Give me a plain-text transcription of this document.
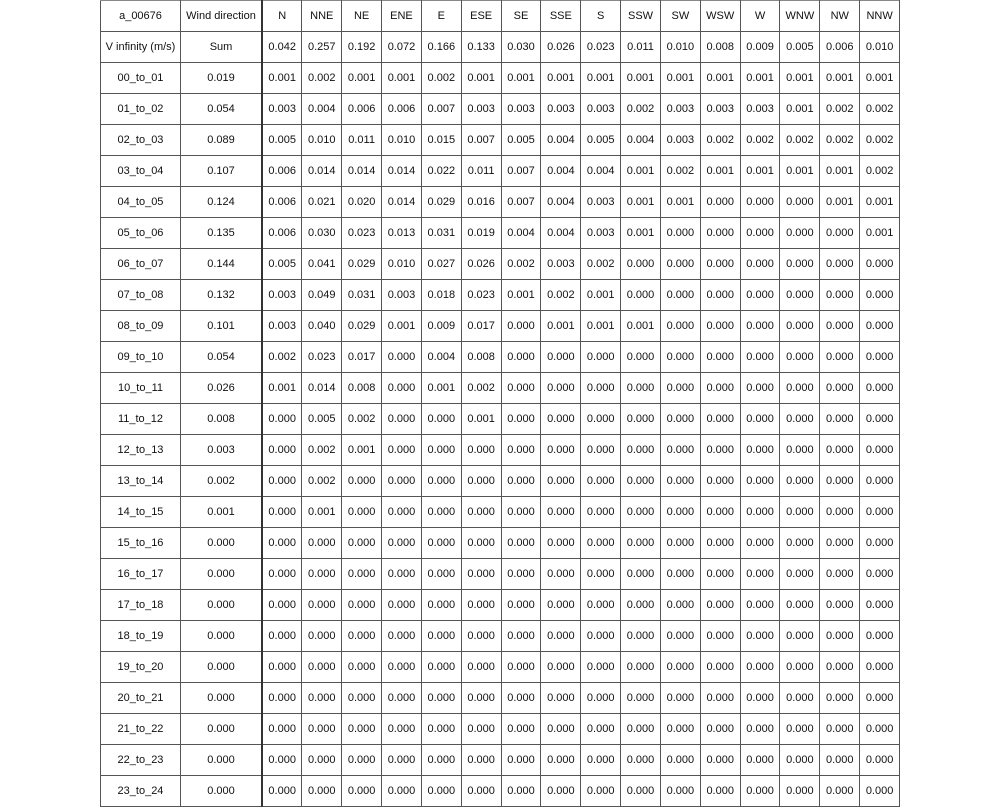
a_00676	Wind direction	N	NNE	NE	ENE	E	ESE	SE	SSE	S	SSW	SW	WSW	W	WNW	NW	NNW
V infinity (m/s)	Sum	0.042	0.257	0.192	0.072	0.166	0.133	0.030	0.026	0.023	0.011	0.010	0.008	0.009	0.005	0.006	0.010
00_to_01	0.019	0.001	0.002	0.001	0.001	0.002	0.001	0.001	0.001	0.001	0.001	0.001	0.001	0.001	0.001	0.001	0.001
01_to_02	0.054	0.003	0.004	0.006	0.006	0.007	0.003	0.003	0.003	0.003	0.002	0.003	0.003	0.003	0.001	0.002	0.002
02_to_03	0.089	0.005	0.010	0.011	0.010	0.015	0.007	0.005	0.004	0.005	0.004	0.003	0.002	0.002	0.002	0.002	0.002
03_to_04	0.107	0.006	0.014	0.014	0.014	0.022	0.011	0.007	0.004	0.004	0.001	0.002	0.001	0.001	0.001	0.001	0.002
04_to_05	0.124	0.006	0.021	0.020	0.014	0.029	0.016	0.007	0.004	0.003	0.001	0.001	0.000	0.000	0.000	0.001	0.001
05_to_06	0.135	0.006	0.030	0.023	0.013	0.031	0.019	0.004	0.004	0.003	0.001	0.000	0.000	0.000	0.000	0.000	0.001
06_to_07	0.144	0.005	0.041	0.029	0.010	0.027	0.026	0.002	0.003	0.002	0.000	0.000	0.000	0.000	0.000	0.000	0.000
07_to_08	0.132	0.003	0.049	0.031	0.003	0.018	0.023	0.001	0.002	0.001	0.000	0.000	0.000	0.000	0.000	0.000	0.000
08_to_09	0.101	0.003	0.040	0.029	0.001	0.009	0.017	0.000	0.001	0.001	0.001	0.000	0.000	0.000	0.000	0.000	0.000
09_to_10	0.054	0.002	0.023	0.017	0.000	0.004	0.008	0.000	0.000	0.000	0.000	0.000	0.000	0.000	0.000	0.000	0.000
10_to_11	0.026	0.001	0.014	0.008	0.000	0.001	0.002	0.000	0.000	0.000	0.000	0.000	0.000	0.000	0.000	0.000	0.000
11_to_12	0.008	0.000	0.005	0.002	0.000	0.000	0.001	0.000	0.000	0.000	0.000	0.000	0.000	0.000	0.000	0.000	0.000
12_to_13	0.003	0.000	0.002	0.001	0.000	0.000	0.000	0.000	0.000	0.000	0.000	0.000	0.000	0.000	0.000	0.000	0.000
13_to_14	0.002	0.000	0.002	0.000	0.000	0.000	0.000	0.000	0.000	0.000	0.000	0.000	0.000	0.000	0.000	0.000	0.000
14_to_15	0.001	0.000	0.001	0.000	0.000	0.000	0.000	0.000	0.000	0.000	0.000	0.000	0.000	0.000	0.000	0.000	0.000
15_to_16	0.000	0.000	0.000	0.000	0.000	0.000	0.000	0.000	0.000	0.000	0.000	0.000	0.000	0.000	0.000	0.000	0.000
16_to_17	0.000	0.000	0.000	0.000	0.000	0.000	0.000	0.000	0.000	0.000	0.000	0.000	0.000	0.000	0.000	0.000	0.000
17_to_18	0.000	0.000	0.000	0.000	0.000	0.000	0.000	0.000	0.000	0.000	0.000	0.000	0.000	0.000	0.000	0.000	0.000
18_to_19	0.000	0.000	0.000	0.000	0.000	0.000	0.000	0.000	0.000	0.000	0.000	0.000	0.000	0.000	0.000	0.000	0.000
19_to_20	0.000	0.000	0.000	0.000	0.000	0.000	0.000	0.000	0.000	0.000	0.000	0.000	0.000	0.000	0.000	0.000	0.000
20_to_21	0.000	0.000	0.000	0.000	0.000	0.000	0.000	0.000	0.000	0.000	0.000	0.000	0.000	0.000	0.000	0.000	0.000
21_to_22	0.000	0.000	0.000	0.000	0.000	0.000	0.000	0.000	0.000	0.000	0.000	0.000	0.000	0.000	0.000	0.000	0.000
22_to_23	0.000	0.000	0.000	0.000	0.000	0.000	0.000	0.000	0.000	0.000	0.000	0.000	0.000	0.000	0.000	0.000	0.000
23_to_24	0.000	0.000	0.000	0.000	0.000	0.000	0.000	0.000	0.000	0.000	0.000	0.000	0.000	0.000	0.000	0.000	0.000
